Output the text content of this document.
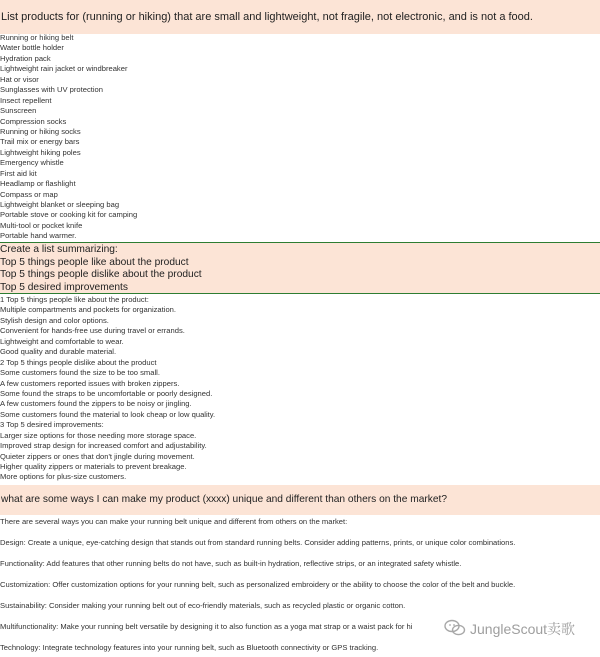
List products for (running or hiking) that are small and lightweight, not fragile, not electronic, and is not a food.
Running or hiking belt
Water bottle holder
Hydration pack
Lightweight rain jacket or windbreaker
Hat or visor
Sunglasses with UV protection
Insect repellent
Sunscreen
Compression socks
Running or hiking socks
Trail mix or energy bars
Lightweight hiking poles
Emergency whistle
First aid kit
Headlamp or flashlight
Compass or map
Lightweight blanket or sleeping bag
Portable stove or cooking kit for camping
Multi-tool or pocket knife
Portable hand warmer.
Create a list summarizing:
Top 5 things people like about the product
Top 5 things people dislike about the product
Top 5 desired improvements
1 Top 5 things people like about the product:
Multiple compartments and pockets for organization.
Stylish design and color options.
Convenient for hands-free use during travel or errands.
Lightweight and comfortable to wear.
Good quality and durable material.
2 Top 5 things people dislike about the product
Some customers found the size to be too small.
A few customers reported issues with broken zippers.
Some found the straps to be uncomfortable or poorly designed.
A few customers found the zippers to be noisy or jingling.
Some customers found the material to look cheap or low quality.
3 Top 5 desired improvements:
Larger size options for those needing more storage space.
Improved strap design for increased comfort and adjustability.
Quieter zippers or ones that don't jingle during movement.
Higher quality zippers or materials to prevent breakage.
More options for plus-size customers.
what are some ways I can make my product (xxxx) unique and different than others on the market?
There are several ways you can make your running belt unique and different from others on the market:
Design: Create a unique, eye-catching design that stands out from standard running belts. Consider adding patterns, prints, or unique color combinations.
Functionality: Add features that other running belts do not have, such as built-in hydration, reflective strips, or an integrated safety whistle.
Customization: Offer customization options for your running belt, such as personalized embroidery or the ability to choose the color of the belt and buckle.
Sustainability: Consider making your running belt out of eco-friendly materials, such as recycled plastic or organic cotton.
Multifunctionality: Make your running belt versatile by designing it to also function as a yoga mat strap or a waist pack for hi
Technology: Integrate technology features into your running belt, such as Bluetooth connectivity or GPS tracking.
JungleScout卖歌
